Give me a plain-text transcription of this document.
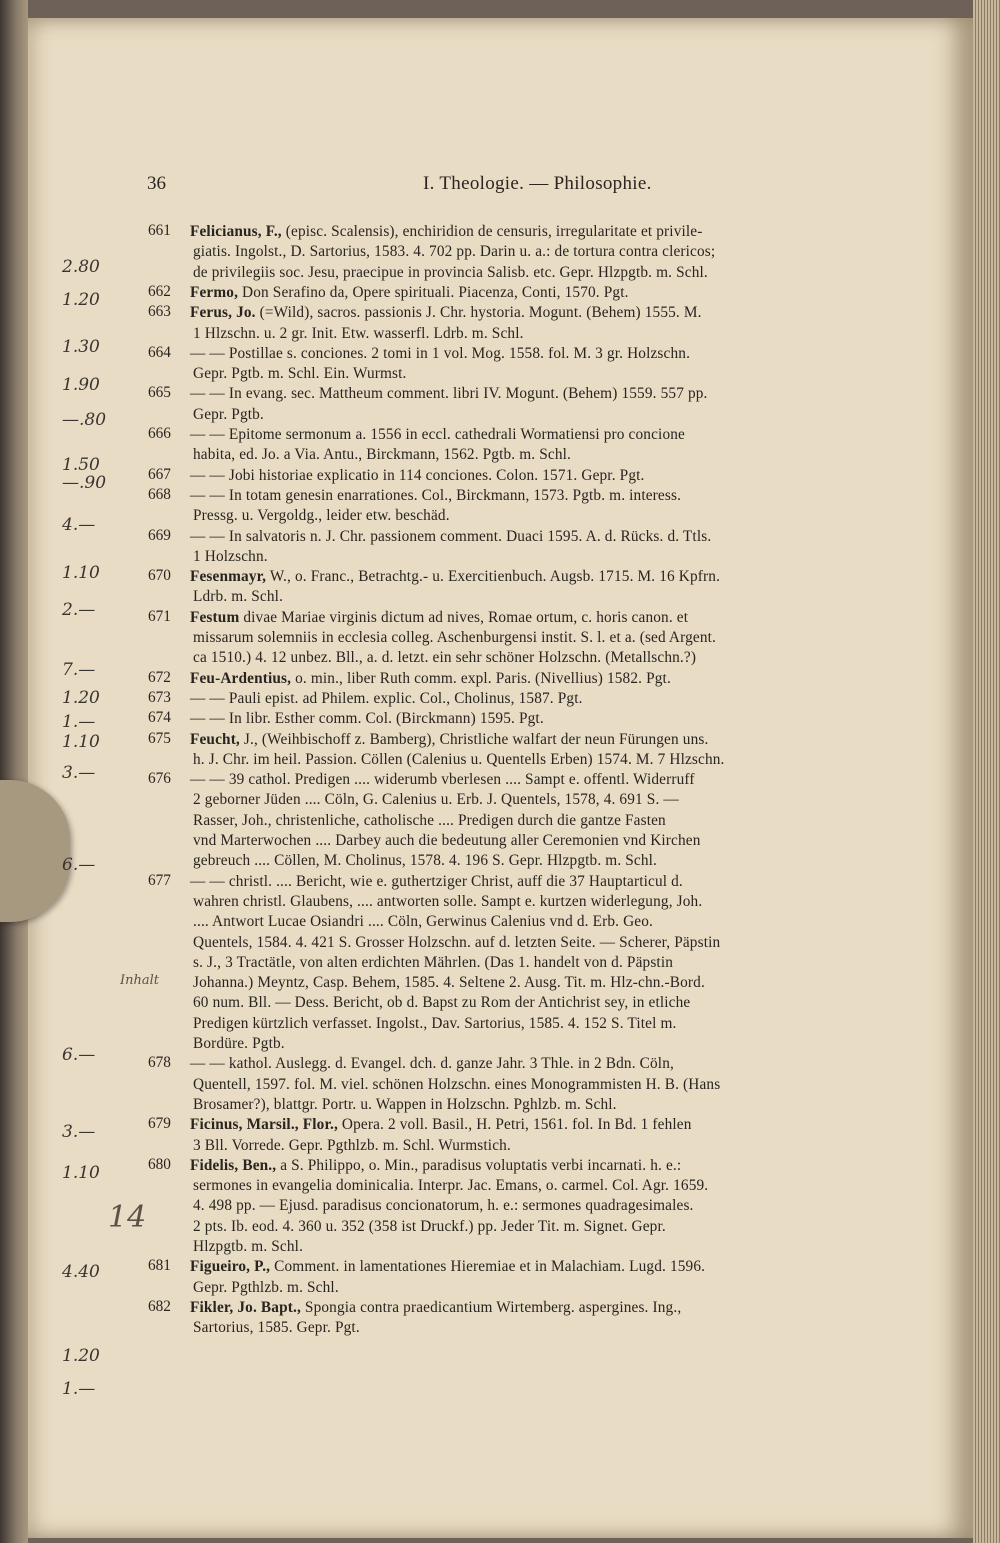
36	I. Theologie. — Philosophie.
661 Felicianus, F., (episc. Scalensis), enchiridion de censuris, irregularitate et privile-
giatis. Ingolst., D. Sartorius, 1583. 4. 702 pp. Darin u. a.: de tortura contra clericos;
de privilegiis soc. Jesu, praecipue in provincia Salisb. etc. Gepr. Hlzpgtb. m. Schl.
662 Fermo, Don Serafino da, Opere spirituali. Piacenza, Conti, 1570. Pgt.
663 Ferus, Jo. (=Wild), sacros. passionis J. Chr. hystoria. Mogunt. (Behem) 1555. M.
1 Hlzschn. u. 2 gr. Init. Etw. wasserfl. Ldrb. m. Schl.
664 — — Postillae s. conciones. 2 tomi in 1 vol. Mog. 1558. fol. M. 3 gr. Holzschn.
Gepr. Pgtb. m. Schl. Ein. Wurmst.
665 — — In evang. sec. Mattheum comment. libri IV. Mogunt. (Behem) 1559. 557 pp.
Gepr. Pgtb.
666 — — Epitome sermonum a. 1556 in eccl. cathedrali Wormatiensi pro concione
habita, ed. Jo. a Via. Antu., Birckmann, 1562. Pgtb. m. Schl.
667 — — Jobi historiae explicatio in 114 conciones. Colon. 1571. Gepr. Pgt.
668 — — In totam genesin enarrationes. Col., Birckmann, 1573. Pgtb. m. interess.
Pressg. u. Vergoldg., leider etw. beschäd.
669 — — In salvatoris n. J. Chr. passionem comment. Duaci 1595. A. d. Rücks. d. Ttls.
1 Holzschn.
670 Fesenmayr, W., o. Franc., Betrachtg.- u. Exercitienbuch. Augsb. 1715. M. 16 Kpfrn.
Ldrb. m. Schl.
671 Festum divae Mariae virginis dictum ad nives, Romae ortum, c. horis canon. et
missarum solemniis in ecclesia colleg. Aschenburgensi instit. S. l. et a. (sed Argent.
ca 1510.) 4. 12 unbez. Bll., a. d. letzt. ein sehr schöner Holzschn. (Metallschn.?)
672 Feu-Ardentius, o. min., liber Ruth comm. expl. Paris. (Nivellius) 1582. Pgt.
673 — — Pauli epist. ad Philem. explic. Col., Cholinus, 1587. Pgt.
674 — — In libr. Esther comm. Col. (Birckmann) 1595. Pgt.
675 Feucht, J., (Weihbischoff z. Bamberg), Christliche walfart der neun Fürungen uns.
h. J. Chr. im heil. Passion. Cöllen (Calenius u. Quentells Erben) 1574. M. 7 Hlzschn.
676 — — 39 cathol. Predigen .... widerumb vberlesen .... Sampt e. offentl. Widerruff
2 geborner Jüden .... Cöln, G. Calenius u. Erb. J. Quentels, 1578, 4. 691 S. —
Rasser, Joh., christenliche, catholische .... Predigen durch die gantze Fasten
vnd Marterwochen .... Darbey auch die bedeutung aller Ceremonien vnd Kirchen
gebreuch .... Cöllen, M. Cholinus, 1578. 4. 196 S. Gepr. Hlzpgtb. m. Schl.
677 — — christl. .... Bericht, wie e. guthertziger Christ, auff die 37 Hauptarticul d.
wahren christl. Glaubens, .... antworten solle. Sampt e. kurtzen widerlegung, Joh.
.... Antwort Lucae Osiandri .... Cöln, Gerwinus Calenius vnd d. Erb. Geo.
Quentels, 1584. 4. 421 S. Grosser Holzschn. auf d. letzten Seite. — Scherer, Päpstin
s. J., 3 Tractätle, von alten erdichten Mährlen. (Das 1. handelt von d. Päpstin
Johanna.) Meyntz, Casp. Behem, 1585. 4. Seltene 2. Ausg. Tit. m. Hlz-chn.-Bord.
60 num. Bll. — Dess. Bericht, ob d. Bapst zu Rom der Antichrist sey, in etliche
Predigen kürtzlich verfasset. Ingolst., Dav. Sartorius, 1585. 4. 152 S. Titel m.
Bordüre. Pgtb.
678 — — kathol. Auslegg. d. Evangel. dch. d. ganze Jahr. 3 Thle. in 2 Bdn. Cöln,
Quentell, 1597. fol. M. viel. schönen Holzschn. eines Monogrammisten H. B. (Hans
Brosamer?), blattgr. Portr. u. Wappen in Holzschn. Pghlzb. m. Schl.
679 Ficinus, Marsil., Flor., Opera. 2 voll. Basil., H. Petri, 1561. fol. In Bd. 1 fehlen
3 Bll. Vorrede. Gepr. Pgthlzb. m. Schl. Wurmstich.
680 Fidelis, Ben., a S. Philippo, o. Min., paradisus voluptatis verbi incarnati. h. e.:
sermones in evangelia dominicalia. Interpr. Jac. Emans, o. carmel. Col. Agr. 1659.
4. 498 pp. — Ejusd. paradisus concionatorum, h. e.: sermones quadragesimales.
2 pts. Ib. eod. 4. 360 u. 352 (358 ist Druckf.) pp. Jeder Tit. m. Signet. Gepr.
Hlzpgtb. m. Schl.
681 Figueiro, P., Comment. in lamentationes Hieremiae et in Malachiam. Lugd. 1596.
Gepr. Pgthlzb. m. Schl.
682 Fikler, Jo. Bapt., Spongia contra praedicantium Wirtemberg. aspergines. Ing.,
Sartorius, 1585. Gepr. Pgt.
2.80
1.20
1.30
1.90
—.80
1.50
—.90
4.—
1.10
2.—
7.—
1.20
1.—
1.10
3.—
6.—
6.—
3.—
1.10
4.40
1.20
1.—
14
Inhalt
